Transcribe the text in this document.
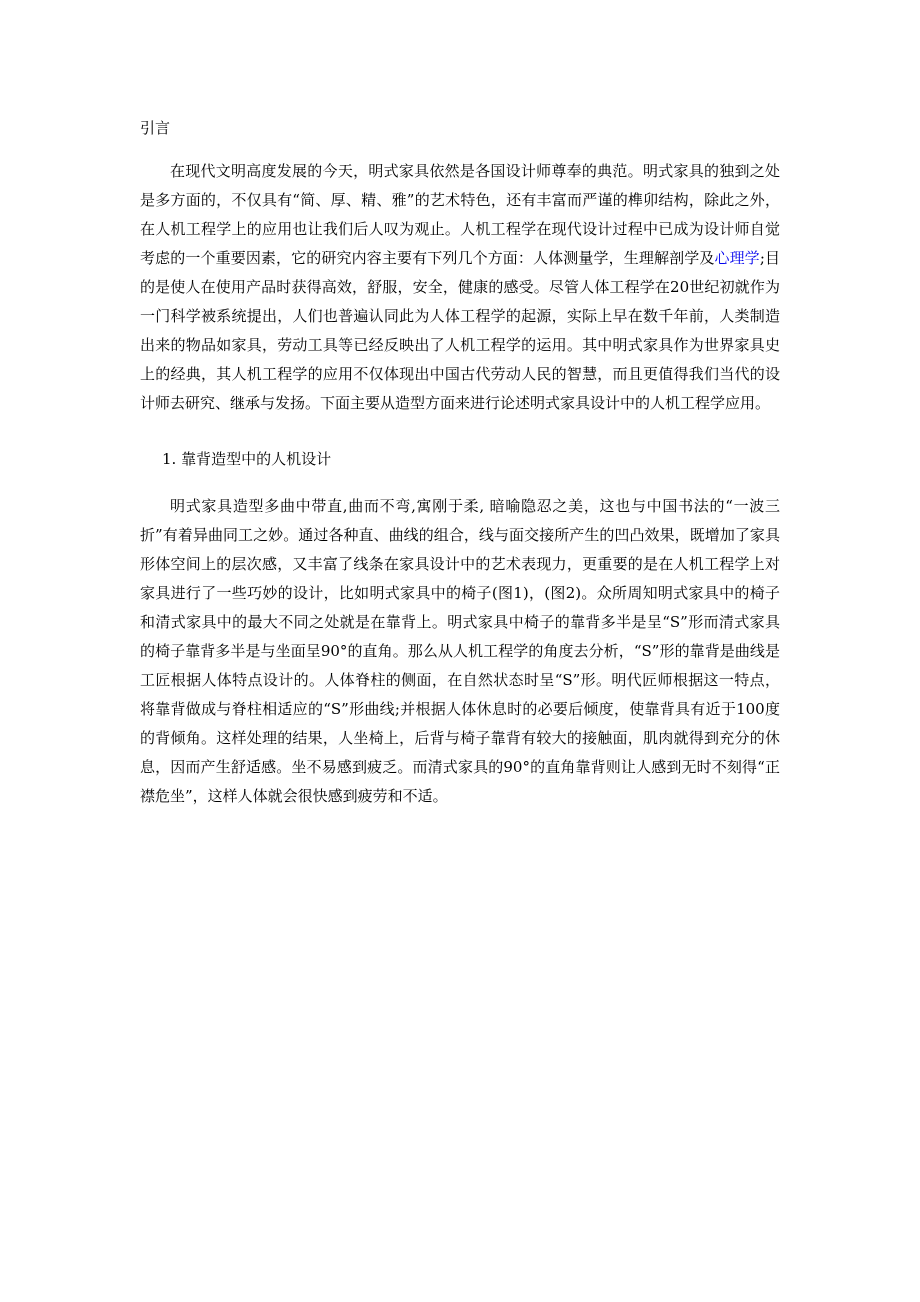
引言

在现代文明高度发展的今天，明式家具依然是各国设计师尊奉的典范。明式家具的独到之处是多方面的，不仅具有“简、厚、精、雅”的艺术特色，还有丰富而严谨的榫卯结构，除此之外，在人机工程学上的应用也让我们后人叹为观止。人机工程学在现代设计过程中已成为设计师自觉考虑的一个重要因素，它的研究内容主要有下列几个方面：人体测量学，生理解剖学及心理学;目的是使人在使用产品时获得高效，舒服，安全，健康的感受。尽管人体工程学在20世纪初就作为一门科学被系统提出，人们也普遍认同此为人体工程学的起源，实际上早在数千年前，人类制造出来的物品如家具，劳动工具等已经反映出了人机工程学的运用。其中明式家具作为世界家具史上的经典，其人机工程学的应用不仅体现出中国古代劳动人民的智慧，而且更值得我们当代的设计师去研究、继承与发扬。下面主要从造型方面来进行论述明式家具设计中的人机工程学应用。

1. 靠背造型中的人机设计

明式家具造型多曲中带直,曲而不弯,寓刚于柔, 暗喻隐忍之美，这也与中国书法的“一波三折”有着异曲同工之妙。通过各种直、曲线的组合，线与面交接所产生的凹凸效果，既增加了家具形体空间上的层次感，又丰富了线条在家具设计中的艺术表现力，更重要的是在人机工程学上对家具进行了一些巧妙的设计，比如明式家具中的椅子(图1)，(图2)。众所周知明式家具中的椅子和清式家具中的最大不同之处就是在靠背上。明式家具中椅子的靠背多半是呈“S”形而清式家具的椅子靠背多半是与坐面呈90°的直角。那么从人机工程学的角度去分析，“S”形的靠背是曲线是工匠根据人体特点设计的。人体脊柱的侧面，在自然状态时呈“S”形。明代匠师根据这一特点，将靠背做成与脊柱相适应的“S”形曲线;并根据人体休息时的必要后倾度，使靠背具有近于100度的背倾角。这样处理的结果，人坐椅上，后背与椅子靠背有较大的接触面，肌肉就得到充分的休息，因而产生舒适感。坐不易感到疲乏。而清式家具的90°的直角靠背则让人感到无时不刻得“正襟危坐”，这样人体就会很快感到疲劳和不适。
